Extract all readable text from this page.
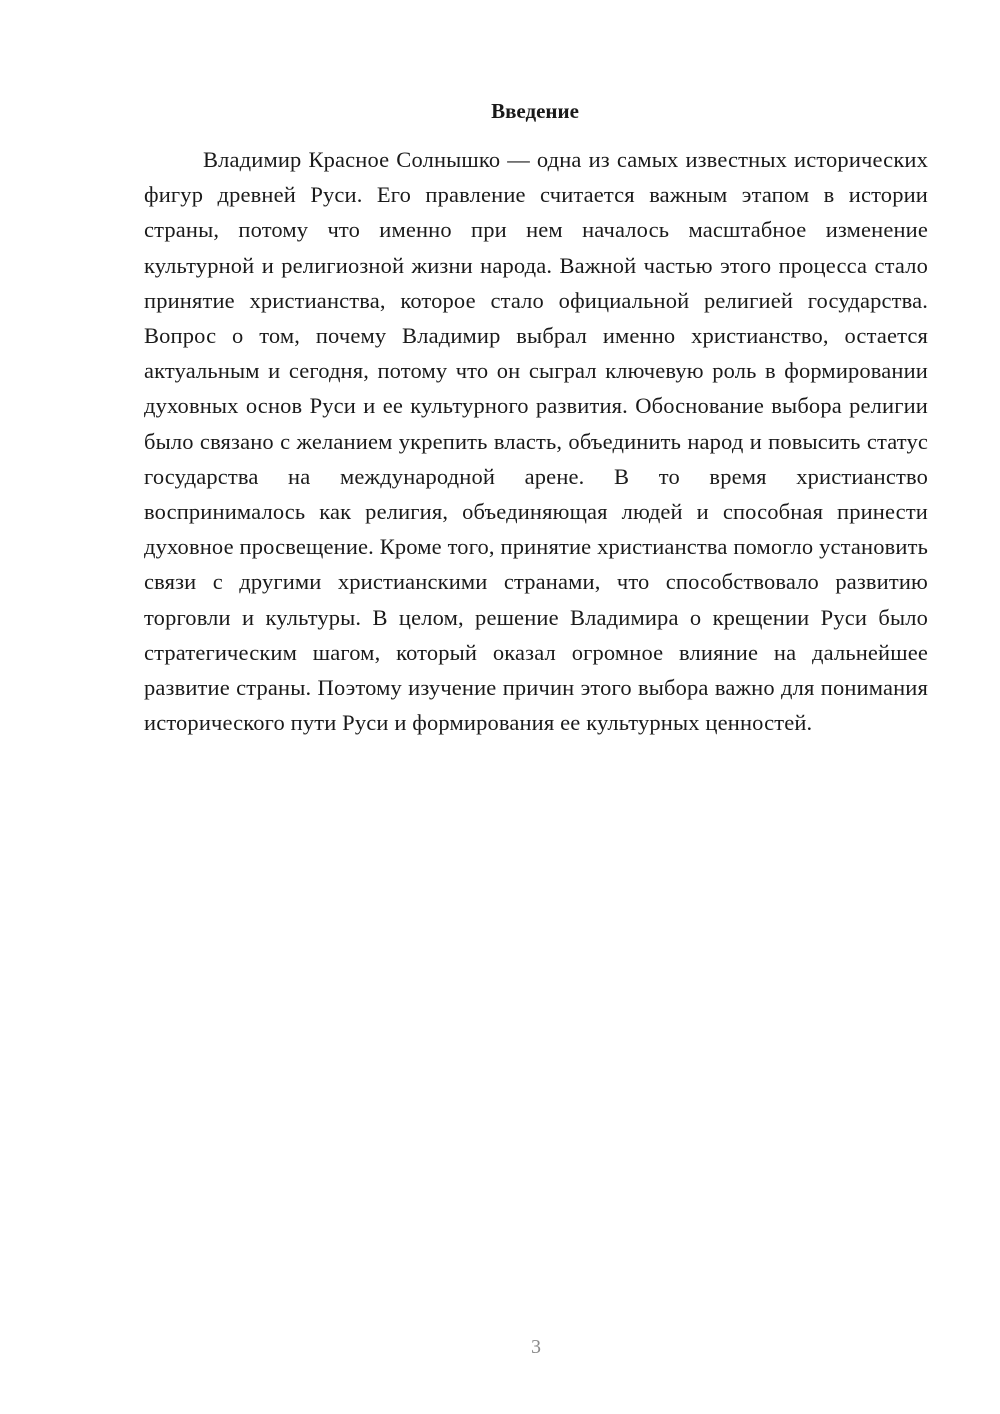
Введение

Владимир Красное Солнышко — одна из самых известных исторических фигур древней Руси. Его правление считается важным этапом в истории страны, потому что именно при нем началось масштабное изменение культурной и религиозной жизни народа. Важной частью этого процесса стало принятие христианства, которое стало официальной религией государства. Вопрос о том, почему Владимир выбрал именно христианство, остается актуальным и сегодня, потому что он сыграл ключевую роль в формировании духовных основ Руси и ее культурного развития. Обоснование выбора религии было связано с желанием укрепить власть, объединить народ и повысить статус государства на международной арене. В то время христианство воспринималось как религия, объединяющая людей и способная принести духовное просвещение. Кроме того, принятие христианства помогло установить связи с другими христианскими странами, что способствовало развитию торговли и культуры. В целом, решение Владимира о крещении Руси было стратегическим шагом, который оказал огромное влияние на дальнейшее развитие страны. Поэтому изучение причин этого выбора важно для понимания исторического пути Руси и формирования ее культурных ценностей.

3
